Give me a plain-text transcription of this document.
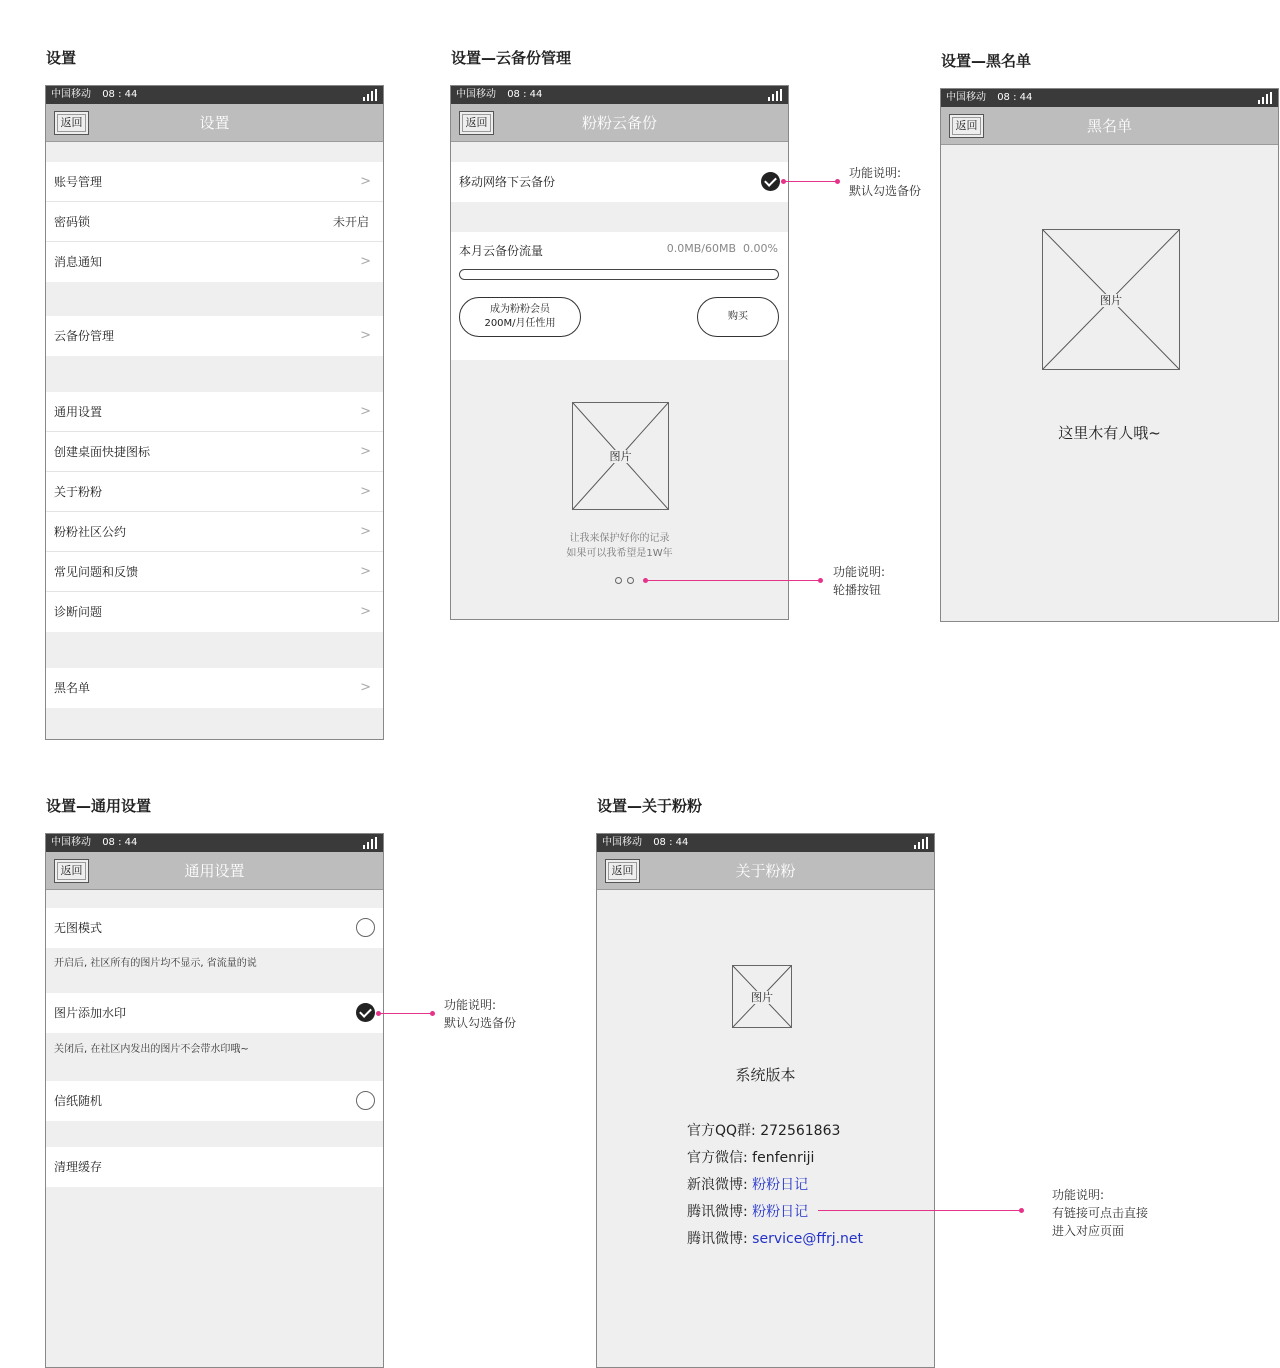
设置
中国移动 08 : 44
返回	设置
账号管理	>
密码锁	未开启
消息通知	>
云备份管理	>
通用设置	>
创建桌面快捷图标	>
关于粉粉	>
粉粉社区公约	>
常见问题和反馈	>
诊断问题	>
黑名单	>
设置—云备份管理
中国移动 08 : 44
返回	粉粉云备份
移动网络下云备份
本月云备份流量	0.0MB/60MB 0.00%
成为粉粉会员
200M/月任性用
购买
图片
让我来保护好你的记录
如果可以我希望是1W年
功能说明:
默认勾选备份
功能说明:
轮播按钮
设置—黑名单
中国移动 08 : 44
返回	黑名单
图片
这里木有人哦~
设置—通用设置
中国移动 08 : 44
返回	通用设置
无图模式
开启后, 社区所有的图片均不显示, 省流量的说
图片添加水印
关闭后, 在社区内发出的图片不会带水印哦~
信纸随机
清理缓存
功能说明:
默认勾选备份
设置—关于粉粉
中国移动 08 : 44
返回	关于粉粉
图片
系统版本
官方QQ群: 272561863
官方微信: fenfenriji
新浪微博: 粉粉日记
腾讯微博: 粉粉日记
腾讯微博: service@ffrj.net
功能说明:
有链接可点击直接
进入对应页面
